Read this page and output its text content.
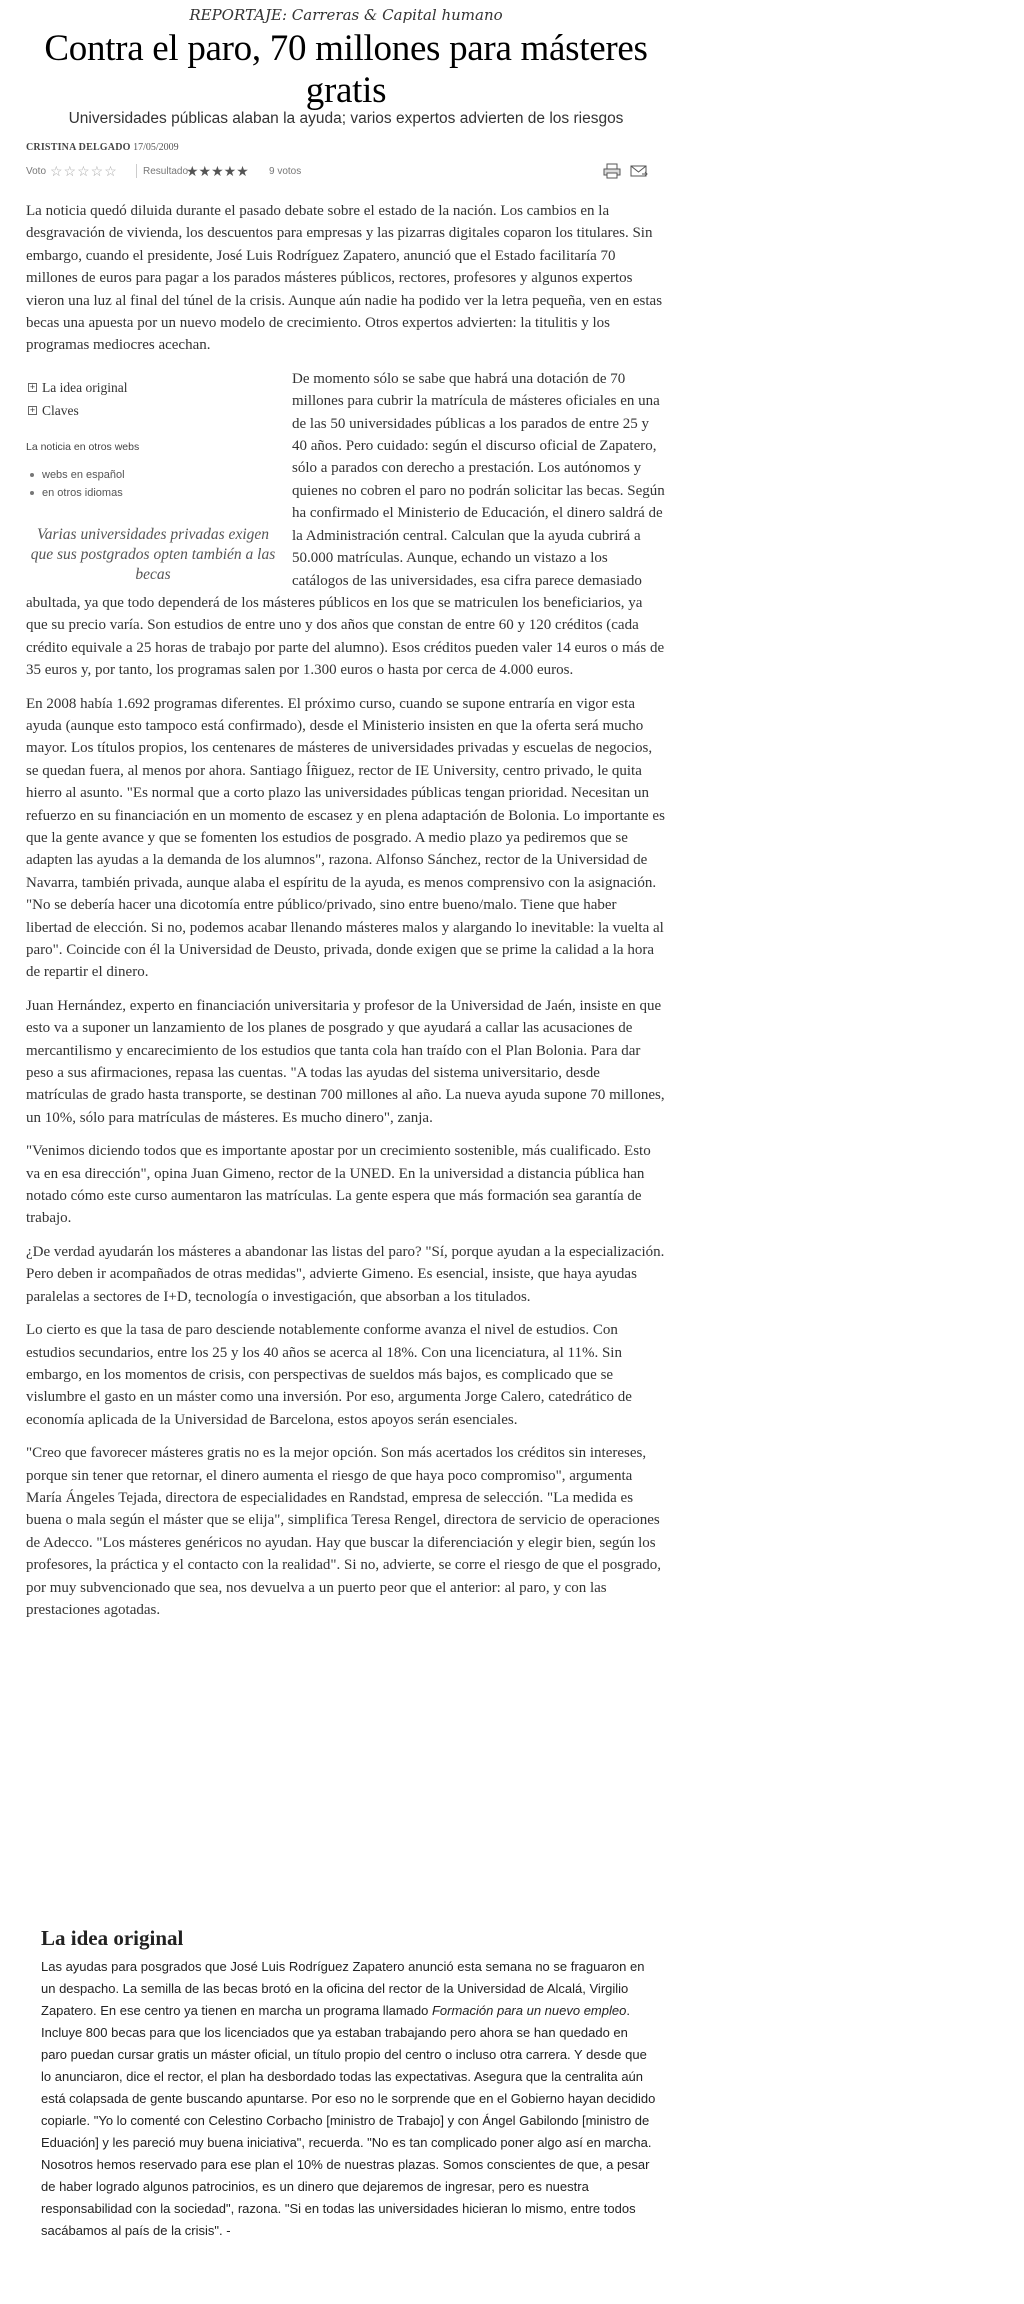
REPORTAJE: Carreras & Capital humano
Contra el paro, 70 millones para másteres gratis
Universidades públicas alaban la ayuda; varios expertos advierten de los riesgos
CRISTINA DELGADO 17/05/2009
Voto ☆☆☆☆☆	Resultado
★★★★★ 9 votos

La noticia quedó diluida durante el pasado debate sobre el estado de la nación. Los cambios en la desgravación de vivienda, los descuentos para empresas y las pizarras digitales coparon los titulares. Sin embargo, cuando el presidente, José Luis Rodríguez Zapatero, anunció que el Estado facilitaría 70 millones de euros para pagar a los parados másteres públicos, rectores, profesores y algunos expertos vieron una luz al final del túnel de la crisis. Aunque aún nadie ha podido ver la letra pequeña, ven en estas becas una apuesta por un nuevo modelo de crecimiento. Otros expertos advierten: la titulitis y los programas mediocres acechan.

+ La idea original
+ Claves
La noticia en otros webs
webs en español
en otros idiomas
Varias universidades privadas exigen que sus postgrados opten también a las becas

De momento sólo se sabe que habrá una dotación de 70 millones para cubrir la matrícula de másteres oficiales en una de las 50 universidades públicas a los parados de entre 25 y 40 años. Pero cuidado: según el discurso oficial de Zapatero, sólo a parados con derecho a prestación. Los autónomos y quienes no cobren el paro no podrán solicitar las becas. Según ha confirmado el Ministerio de Educación, el dinero saldrá de la Administración central. Calculan que la ayuda cubrirá a 50.000 matrículas. Aunque, echando un vistazo a los catálogos de las universidades, esa cifra parece demasiado abultada, ya que todo dependerá de los másteres públicos en los que se matriculen los beneficiarios, ya que su precio varía. Son estudios de entre uno y dos años que constan de entre 60 y 120 créditos (cada crédito equivale a 25 horas de trabajo por parte del alumno). Esos créditos pueden valer 14 euros o más de 35 euros y, por tanto, los programas salen por 1.300 euros o hasta por cerca de 4.000 euros.

En 2008 había 1.692 programas diferentes. El próximo curso, cuando se supone entraría en vigor esta ayuda (aunque esto tampoco está confirmado), desde el Ministerio insisten en que la oferta será mucho mayor. Los títulos propios, los centenares de másteres de universidades privadas y escuelas de negocios, se quedan fuera, al menos por ahora. Santiago Íñiguez, rector de IE University, centro privado, le quita hierro al asunto. "Es normal que a corto plazo las universidades públicas tengan prioridad. Necesitan un refuerzo en su financiación en un momento de escasez y en plena adaptación de Bolonia. Lo importante es que la gente avance y que se fomenten los estudios de posgrado. A medio plazo ya pediremos que se adapten las ayudas a la demanda de los alumnos", razona. Alfonso Sánchez, rector de la Universidad de Navarra, también privada, aunque alaba el espíritu de la ayuda, es menos comprensivo con la asignación. "No se debería hacer una dicotomía entre público/privado, sino entre bueno/malo. Tiene que haber libertad de elección. Si no, podemos acabar llenando másteres malos y alargando lo inevitable: la vuelta al paro". Coincide con él la Universidad de Deusto, privada, donde exigen que se prime la calidad a la hora de repartir el dinero.

Juan Hernández, experto en financiación universitaria y profesor de la Universidad de Jaén, insiste en que esto va a suponer un lanzamiento de los planes de posgrado y que ayudará a callar las acusaciones de mercantilismo y encarecimiento de los estudios que tanta cola han traído con el Plan Bolonia. Para dar peso a sus afirmaciones, repasa las cuentas. "A todas las ayudas del sistema universitario, desde matrículas de grado hasta transporte, se destinan 700 millones al año. La nueva ayuda supone 70 millones, un 10%, sólo para matrículas de másteres. Es mucho dinero", zanja.

"Venimos diciendo todos que es importante apostar por un crecimiento sostenible, más cualificado. Esto va en esa dirección", opina Juan Gimeno, rector de la UNED. En la universidad a distancia pública han notado cómo este curso aumentaron las matrículas. La gente espera que más formación sea garantía de trabajo.

¿De verdad ayudarán los másteres a abandonar las listas del paro? "Sí, porque ayudan a la especialización. Pero deben ir acompañados de otras medidas", advierte Gimeno. Es esencial, insiste, que haya ayudas paralelas a sectores de I+D, tecnología o investigación, que absorban a los titulados.

Lo cierto es que la tasa de paro desciende notablemente conforme avanza el nivel de estudios. Con estudios secundarios, entre los 25 y los 40 años se acerca al 18%. Con una licenciatura, al 11%. Sin embargo, en los momentos de crisis, con perspectivas de sueldos más bajos, es complicado que se vislumbre el gasto en un máster como una inversión. Por eso, argumenta Jorge Calero, catedrático de economía aplicada de la Universidad de Barcelona, estos apoyos serán esenciales.

"Creo que favorecer másteres gratis no es la mejor opción. Son más acertados los créditos sin intereses, porque sin tener que retornar, el dinero aumenta el riesgo de que haya poco compromiso", argumenta María Ángeles Tejada, directora de especialidades en Randstad, empresa de selección. "La medida es buena o mala según el máster que se elija", simplifica Teresa Rengel, directora de servicio de operaciones de Adecco. "Los másteres genéricos no ayudan. Hay que buscar la diferenciación y elegir bien, según los profesores, la práctica y el contacto con la realidad". Si no, advierte, se corre el riesgo de que el posgrado, por muy subvencionado que sea, nos devuelva a un puerto peor que el anterior: al paro, y con las prestaciones agotadas.

La idea original

Las ayudas para posgrados que José Luis Rodríguez Zapatero anunció esta semana no se fraguaron en un despacho. La semilla de las becas brotó en la oficina del rector de la Universidad de Alcalá, Virgilio Zapatero. En ese centro ya tienen en marcha un programa llamado Formación para un nuevo empleo. Incluye 800 becas para que los licenciados que ya estaban trabajando pero ahora se han quedado en paro puedan cursar gratis un máster oficial, un título propio del centro o incluso otra carrera. Y desde que lo anunciaron, dice el rector, el plan ha desbordado todas las expectativas. Asegura que la centralita aún está colapsada de gente buscando apuntarse. Por eso no le sorprende que en el Gobierno hayan decidido copiarle. "Yo lo comenté con Celestino Corbacho [ministro de Trabajo] y con Ángel Gabilondo [ministro de Eduación] y les pareció muy buena iniciativa", recuerda. "No es tan complicado poner algo así en marcha. Nosotros hemos reservado para ese plan el 10% de nuestras plazas. Somos conscientes de que, a pesar de haber logrado algunos patrocinios, es un dinero que dejaremos de ingresar, pero es nuestra responsabilidad con la sociedad", razona. "Si en todas las universidades hicieran lo mismo, entre todos sacábamos al país de la crisis". -
